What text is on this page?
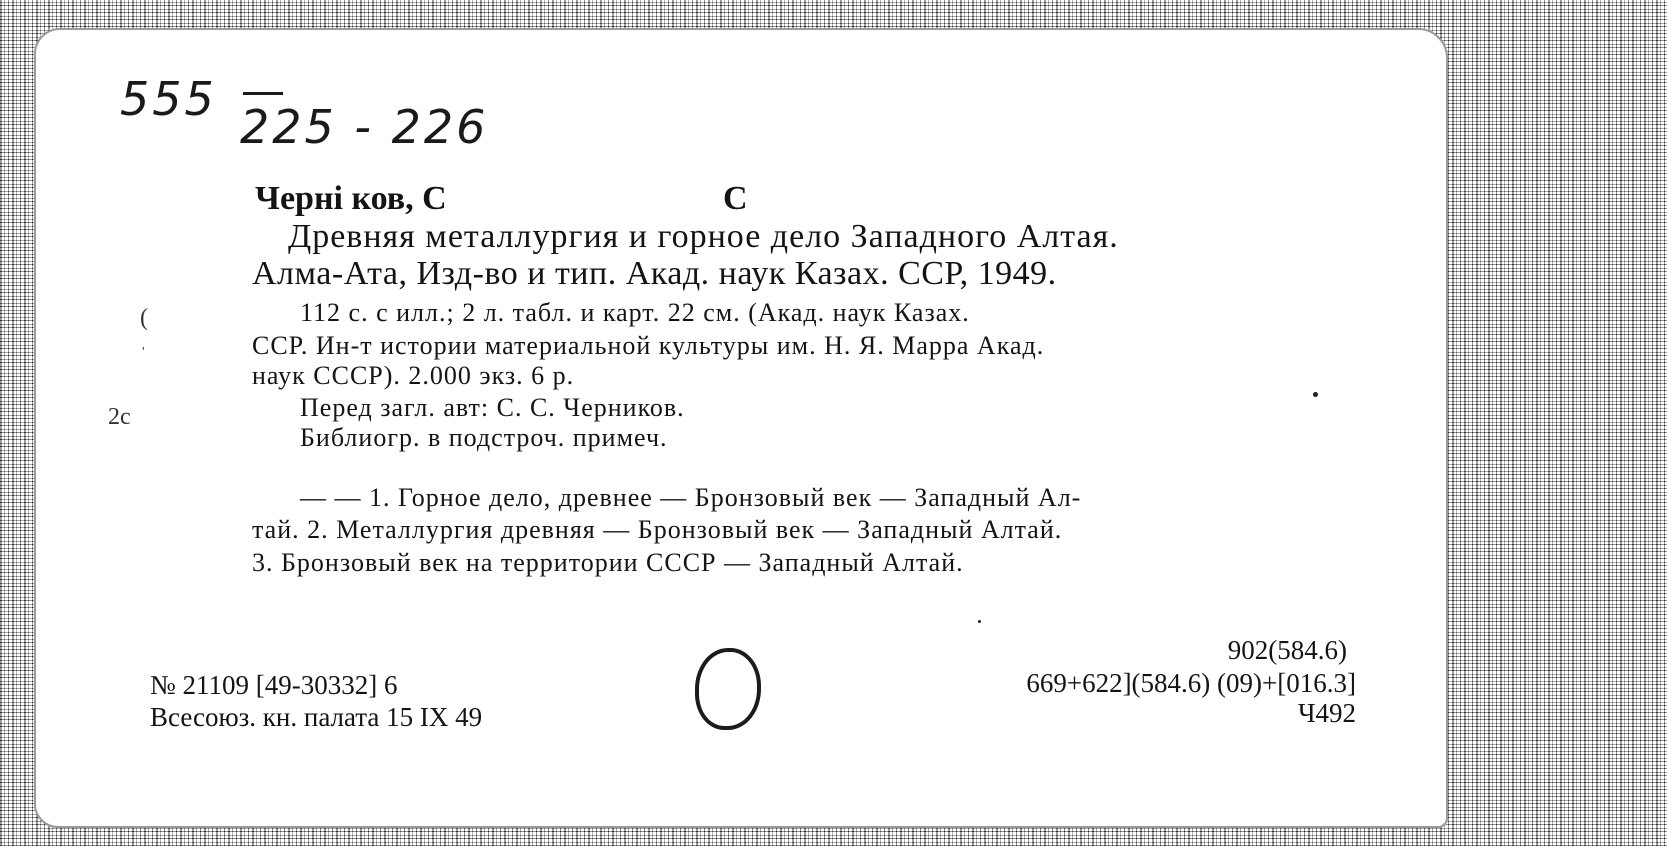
555
225 - 226
(
2c
'
Черні ков, С	С
Древняя металлургия и горное дело Западного Алтая.
Алма-Ата, Изд-во и тип. Акад. наук Казах. ССР, 1949.
112 с. с илл.; 2 л. табл. и карт. 22 см. (Акад. наук Казах.
ССР. Ин-т истории материальной культуры им. Н. Я. Марра Акад.
наук СССР). 2.000 экз. 6 р.
Перед загл. авт: С. С. Черников.
Библиогр. в подстроч. примеч.
— — 1. Горное дело, древнее — Бронзовый век — Западный Ал-
тай. 2. Металлургия древняя — Бронзовый век — Западный Алтай.
3. Бронзовый век на территории СССР — Западный Алтай.
№ 21109 [49-30332] 6
Всесоюз. кн. палата 15 IX 49
902(584.6)
669+622](584.6) (09)+[016.3]
Ч492
